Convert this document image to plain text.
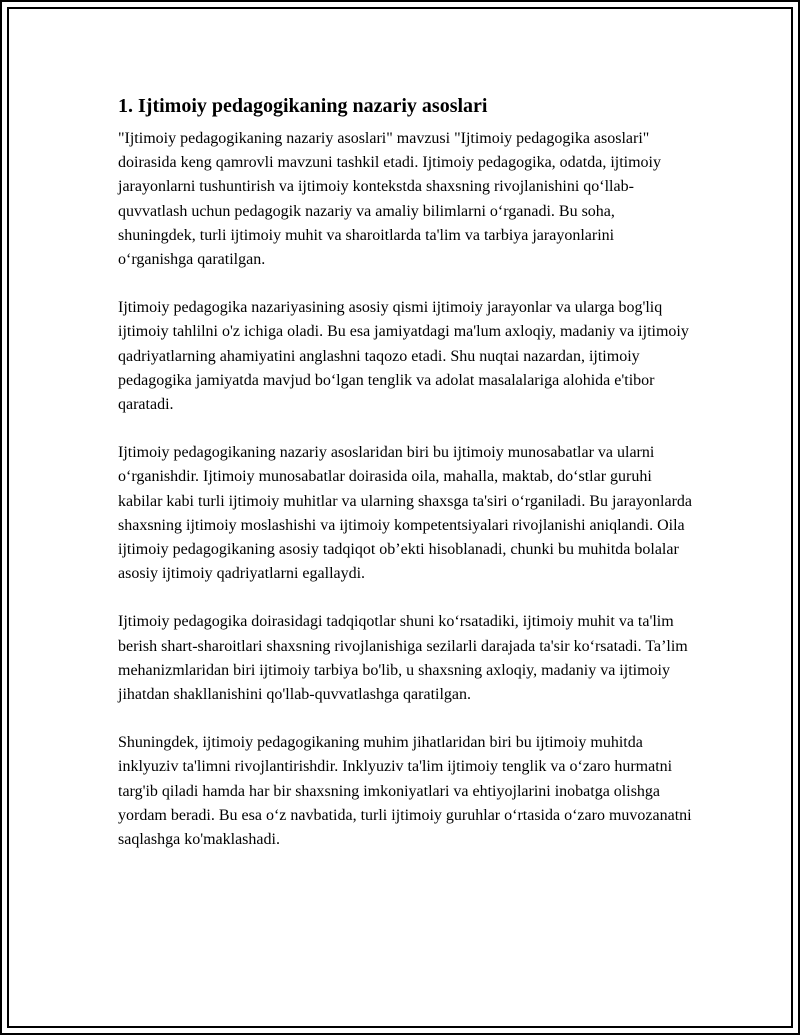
1. Ijtimoiy pedagogikaning nazariy asoslari

"Ijtimoiy pedagogikaning nazariy asoslari" mavzusi "Ijtimoiy pedagogika asoslari" doirasida keng qamrovli mavzuni tashkil etadi. Ijtimoiy pedagogika, odatda, ijtimoiy jarayonlarni tushuntirish va ijtimoiy kontekstda shaxsning rivojlanishini qo‘llab-quvvatlash uchun pedagogik nazariy va amaliy bilimlarni o‘rganadi. Bu soha, shuningdek, turli ijtimoiy muhit va sharoitlarda ta'lim va tarbiya jarayonlarini o‘rganishga qaratilgan.

Ijtimoiy pedagogika nazariyasining asosiy qismi ijtimoiy jarayonlar va ularga bog'liq ijtimoiy tahlilni o'z ichiga oladi. Bu esa jamiyatdagi ma'lum axloqiy, madaniy va ijtimoiy qadriyatlarning ahamiyatini anglashni taqozo etadi. Shu nuqtai nazardan, ijtimoiy pedagogika jamiyatda mavjud bo‘lgan tenglik va adolat masalalariga alohida e'tibor qaratadi.

Ijtimoiy pedagogikaning nazariy asoslaridan biri bu ijtimoiy munosabatlar va ularni o‘rganishdir. Ijtimoiy munosabatlar doirasida oila, mahalla, maktab, do‘stlar guruhi kabilar kabi turli ijtimoiy muhitlar va ularning shaxsga ta'siri o‘rganiladi. Bu jarayonlarda shaxsning ijtimoiy moslashishi va ijtimoiy kompetentsiyalari rivojlanishi aniqlandi. Oila ijtimoiy pedagogikaning asosiy tadqiqot ob’ekti hisoblanadi, chunki bu muhitda bolalar asosiy ijtimoiy qadriyatlarni egallaydi.

Ijtimoiy pedagogika doirasidagi tadqiqotlar shuni ko‘rsatadiki, ijtimoiy muhit va ta'lim berish shart-sharoitlari shaxsning rivojlanishiga sezilarli darajada ta'sir ko‘rsatadi. Ta’lim mehanizmlaridan biri ijtimoiy tarbiya bo'lib, u shaxsning axloqiy, madaniy va ijtimoiy jihatdan shakllanishini qo'llab-quvvatlashga qaratilgan.

Shuningdek, ijtimoiy pedagogikaning muhim jihatlaridan biri bu ijtimoiy muhitda inklyuziv ta'limni rivojlantirishdir. Inklyuziv ta'lim ijtimoiy tenglik va o‘zaro hurmatni targ'ib qiladi hamda har bir shaxsning imkoniyatlari va ehtiyojlarini inobatga olishga yordam beradi. Bu esa o‘z navbatida, turli ijtimoiy guruhlar o‘rtasida o‘zaro muvozanatni saqlashga ko'maklashadi.
